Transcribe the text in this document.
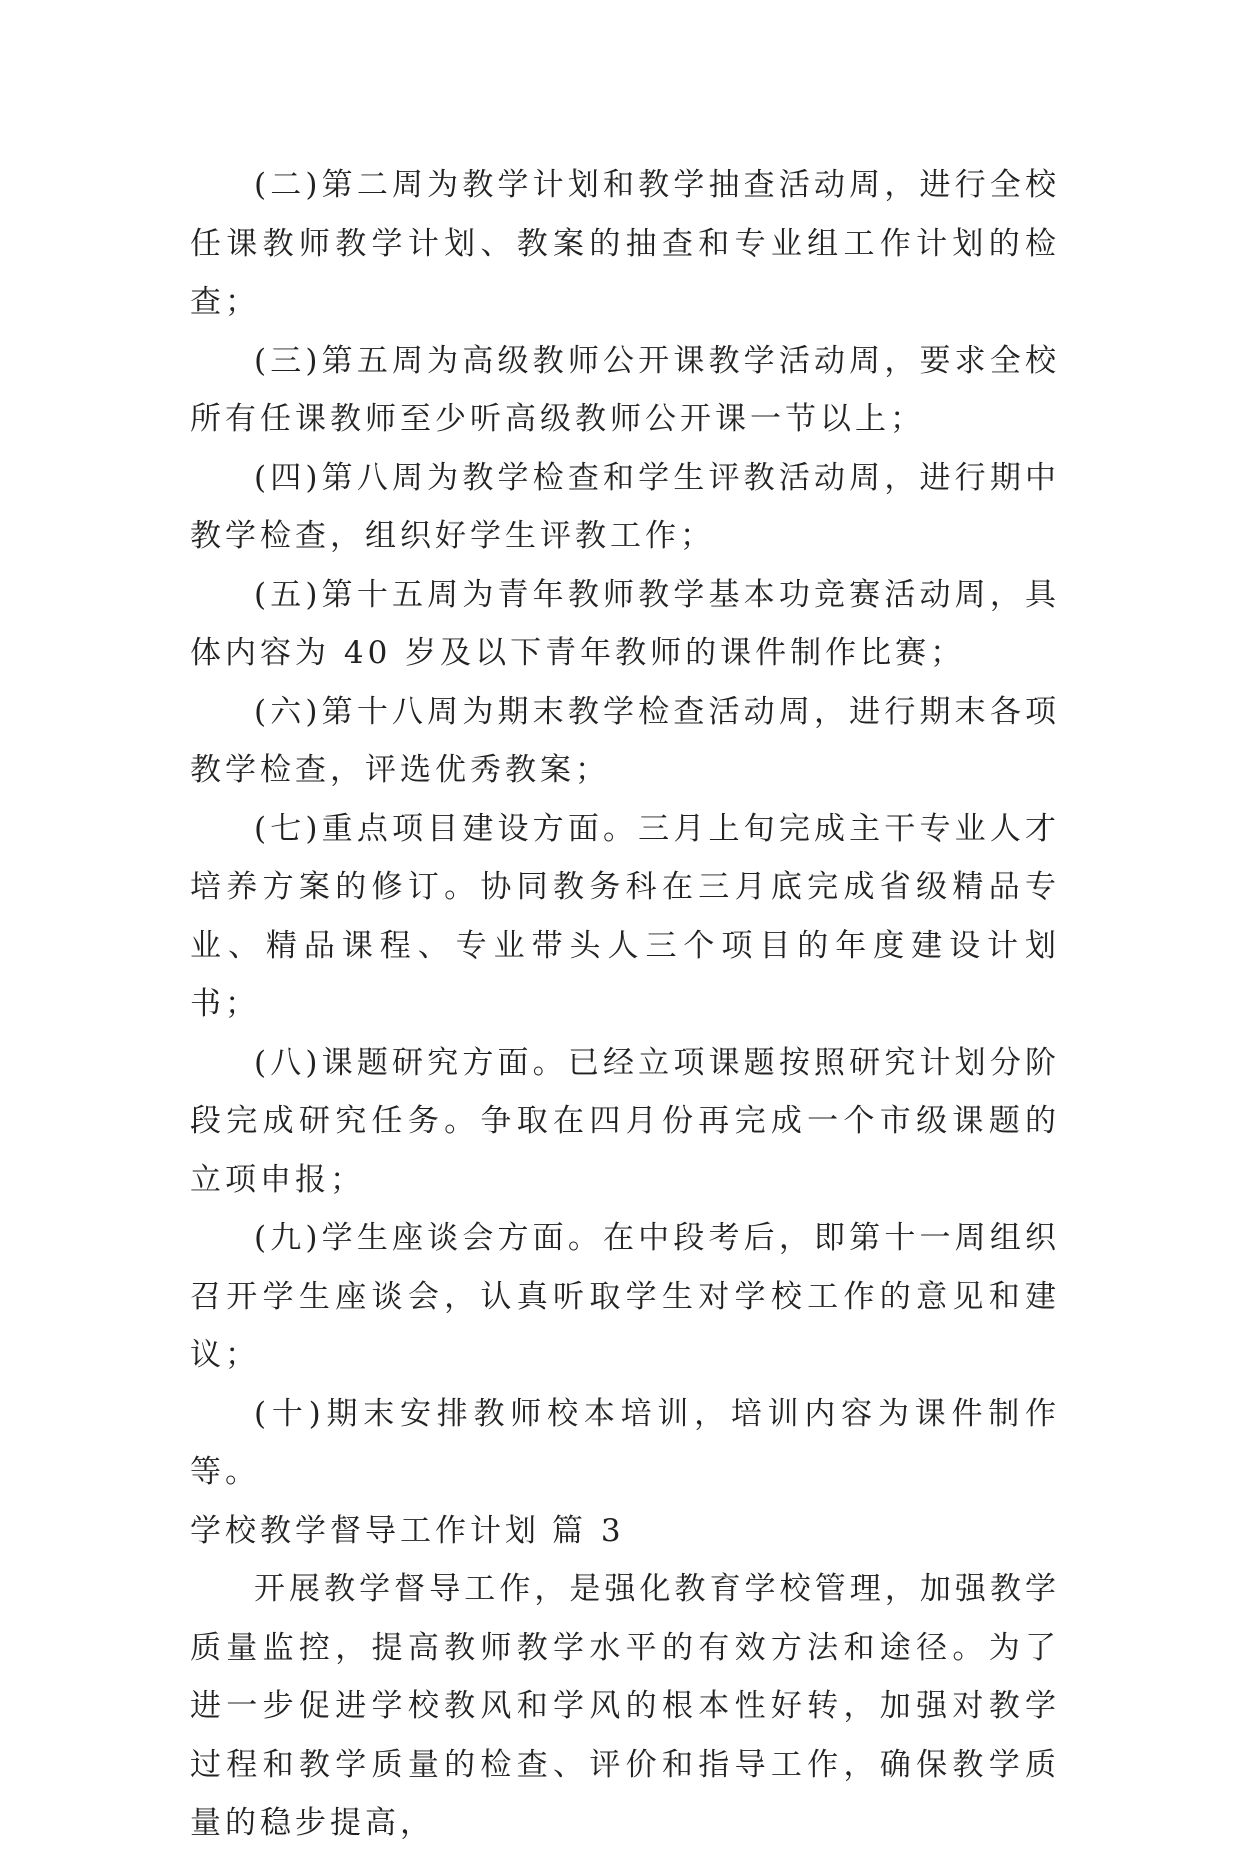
(二)第二周为教学计划和教学抽查活动周，进行全校任课教师教学计划、教案的抽查和专业组工作计划的检查；

(三)第五周为高级教师公开课教学活动周，要求全校所有任课教师至少听高级教师公开课一节以上；

(四)第八周为教学检查和学生评教活动周，进行期中教学检查，组织好学生评教工作；

(五)第十五周为青年教师教学基本功竞赛活动周，具体内容为 40 岁及以下青年教师的课件制作比赛；

(六)第十八周为期末教学检查活动周，进行期末各项教学检查，评选优秀教案；

(七)重点项目建设方面。三月上旬完成主干专业人才培养方案的修订。协同教务科在三月底完成省级精品专业、精品课程、专业带头人三个项目的年度建设计划书；

(八)课题研究方面。已经立项课题按照研究计划分阶段完成研究任务。争取在四月份再完成一个市级课题的立项申报；

(九)学生座谈会方面。在中段考后，即第十一周组织召开学生座谈会，认真听取学生对学校工作的意见和建议；

(十)期末安排教师校本培训，培训内容为课件制作等。

学校教学督导工作计划 篇 3

开展教学督导工作，是强化教育学校管理，加强教学质量监控，提高教师教学水平的有效方法和途径。为了进一步促进学校教风和学风的根本性好转，加强对教学过程和教学质量的检查、评价和指导工作，确保教学质量的稳步提高，
